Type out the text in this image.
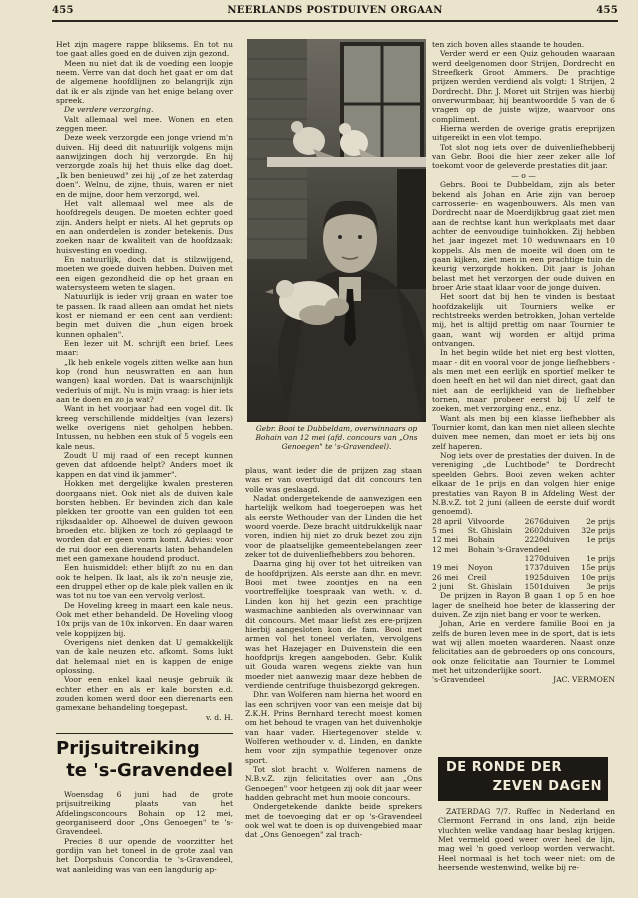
455	NEERLANDS POSTDUIVEN ORGAAN	455

Het zijn magere rappe bliksems. En tot nu toe gaat alles goed en de duiven zijn gezond.

Meen nu niet dat ik de voeding een loopje neem. Verre van dat doch het gaat er om dat de algemene hoofdlijnen zo belangrijk zijn dat ik er als zijnde van het enige belang over spreek.

De verdere verzorging.

Valt allemaal wel mee. Wonen en eten zeggen meer.

Deze week verzorgde een jonge vriend m'n duiven. Hij deed dit natuurlijk volgens mijn aanwijzingen doch hij verzorgde. En hij verzorgde zoals hij het thuis elke dag doet. „Ik ben benieuwd" zei hij „of ze het zaterdag doen". Welnu, de zijne, thuis, waren er niet en de mijne, door hem verzorgd, wel.

Het valt allemaal wel mee als de hoofdregels deugen. De moeten echter goed zijn. Anders helpt er niets. Al het gepruts op en aan onderdelen is zonder betekenis. Dus zoeken naar de kwaliteit van de hoofdzaak: huisvesting en voeding.

En natuurlijk, doch dat is stilzwijgend, moeten we goede duiven hebben. Duiven met een eigen gezondheid die op het graan en watersysteem weten te slagen.

Natuurlijk is ieder vrij graan en water toe te passen. Ik raad alleen aan omdat het niets kost er niemand er een cent aan verdient: begin met duiven die „hun eigen broek kunnen ophalen".

Een lezer uit M. schrijft een brief. Lees maar:

„Ik heb enkele vogels zitten welke aan hun kop (rond hun neuswratten en aan hun wangen) kaal worden. Dat is waarschijnlijk vederluis of mijt. Nu is mijn vraag: is hier iets aan te doen en zo ja wat?

Want in het voorjaar had een vogel dit. Ik kreeg verschillende middeltjes (van lezers) welke overigens niet geholpen hebben. Intussen, nu hebben een stuk of 5 vogels een kale neus.

Zoudt U mij raad of een recept kunnen geven dat afdoende helpt? Anders moet ik kappen en dat vind ik jammer".

Hokken met dergelijke kwalen presteren doorgaans niet. Ook niet als de duiven kale borsten hebben. Er bevinden zich dan kale plekken ter grootte van een gulden tot een rijksdaalder op. Alhoewel de duiven gewoon broeden etc. blijken ze toch zó geplaagd te worden dat er geen vorm komt. Advies: voor de rui door een dierenarts laten behandelen met een gamexane houdend product.

Een huismiddel: ether blijft zo nu en dan ook te helpen. Ik laat, als ik zo'n neusje zie, een druppel ether op de kale plek vallen en ik was tot nu toe van een vervolg verlost.

De Hoveling kreeg in maart een kale neus. Ook met ether behandeld. De Hoveling vloog 10x prijs van de 10x inkorven. En daar waren vele koppijzen bij.

Overigens niet denken dat U gemakkelijk van de kale neuzen etc. afkomt. Soms lukt dat helemaal niet en is kappen de enige oplossing.

Voor een enkel kaal neusje gebruik ik echter ether en als er kale borsten e.d. zouden komen werd door een dierenarts een gamexane behandeling toegepast.

v. d. H.

Prijsuitreiking
te 's-Gravendeel

Woensdag 6 juni had de grote prijsuitreiking plaats van het Afdelingsconcours Bohain op 12 mei, georganiseerd door „Ons Genoegen" te 's-Gravendeel.

Precies 8 uur opende de voorzitter het gordijn van het toneel in de grote zaal van het Dorpshuis Concordia te 's-Gravendeel, wat aanleiding was van een langdurig ap-

Gebr. Booi te Dubbeldam, overwinnaars op Bohain van 12 mei (afd. concours van „Ons Genoegen" te 's-Gravendeel).

plaus, want ieder die de prijzen zag staan was er van overtuigd dat dit concours ten volle was geslaagd.

Nadat ondergetekende de aanwezigen een hartelijk welkom had toegeroepen was het als eerste Wethouder van der Linden die het woord voerde. Deze bracht uitdrukkelijk naar voren, indien hij niet zo druk bezet zou zijn voor de plaatselijke gemeentebelangen zeer zeker tot de duivenliefhebbers zou behoren.

Daarna ging hij over tot het uitreiken van de hoofdprijzen. Als eerste aan dhr. en mevr. Booi met twee zoontjes en na een voortreffelijke toespraak van weth. v. d. Linden kon hij het gezin een prachtige wasmachine aanbieden als overwinnaar van dit concours. Met maar liefst zes ere-prijzen hierbij aangesloten kon de fam. Booi met armen vol het toneel verlaten, vervolgens was het Hazejager en Duivenstein die een hoofdprijs kregen aangeboden. Gebr. Kulik uit Gouda waren wegens ziekte van hun moeder niet aanwezig maar deze hebben de verdiende centrifuge thuisbezorgd gekregen.

Dhr. van Wolferen nam hierna het woord en las een schrijven voor van een meisje dat bij Z.K.H. Prins Bernhard terecht moest komen om het behoud te vragen van het duivenhokje van haar vader. Hiertegenover stelde v. Wolferen wethouder v. d. Linden, en dankte hem voor zijn sympathie tegenover onze sport.

Tot slot bracht v. Wolferen namens de N.B.v.Z. zijn felicitaties over aan „Ons Genoegen" voor hetgeen zij ook dit jaar weer hadden gebracht met hun mooie concours.

Ondergetekende dankte beide sprekers met de toevoeging dat er op 's-Gravendeel ook wel wat te doen is op duivengebied maar dat „Ons Genoegen" zal trach-

ten zich boven alles staande te houden.

Verder werd er een Quiz gehouden waaraan werd deelgenomen door Strijen, Dordrecht en Streefkerk Groot Ammers. De prachtige prijzen werden verdiend als volgt: 1 Strijen, 2 Dordrecht. Dhr. J. Moret uit Strijen was hierbij onverwurmbaar, hij beantwoordde 5 van de 6 vragen op de juiste wijze, waarvoor ons compliment.

Hierna werden de overige gratis ereprijzen uitgereikt in een vlot tempo.

Tot slot nog iets over de duivenliefhebberij van Gebr. Booi die hier zeer zeker alle lof toekomt voor de geleverde prestaties dit jaar.

— o —

Gebrs. Booi te Dubbeldam, zijn als beter bekend als Johan en Arie zijn van beroep carrosserie- en wagenbouwers. Als men van Dordrecht naar de Moerdijkbrug gaat ziet men aan de rechtse kant hun werkplaats met daar achter de eenvoudige tuinhokken. Zij hebben het jaar ingezet met 10 weduwnaars en 10 koppels. Als men de moeite wil doen om te gaan kijken, ziet men in een prachtige tuin de keurig verzorgde hokken. Dit jaar is Johan belast met het verzorgen der oude duiven en broer Arie staat klaar voor de jonge duiven.

Het soort dat bij hen te vinden is bestaat hoofdzakelijk uit Tourniers welke er rechtstreeks werden betrokken, Johan vertelde mij, het is altijd prettig om naar Tournier te gaan, want wij worden er altijd prima ontvangen.

In het begin wilde het niet erg best vlotten, maar - dit en vooral voor de jonge liefhebbers - als men met een eerlijk en sportief melker te doen heeft en het wil dan niet direct, gaat dan niet aan de eerlijkheid van de liefhebber tornen, maar probeer eerst bij U zelf te zoeken, met verzorging enz., enz.

Want als men bij een klasse liefhebber als Tournier komt, dan kan men niet alleen slechte duiven mee nemen, dan moet er iets bij ons zelf haperen.

Nog iets over de prestaties der duiven. In de vereniging „de Luchtbode" te Dordrecht speelden Gebrs. Booi zeven weken achter elkaar de 1e prijs en dan volgen hier enige prestaties van Rayon B in Afdeling West der N.B.v.Z. tot 2 juni (alleen de eerste duif wordt genoemd).

28 april	Vilvoorde	2676	duiven	2e prijs
5 mei	St. Ghislain	2602	duiven	32e prijs
12 mei	Bohain	2220	duiven	1e prijs
12 mei	Bohain 's-Gravendeel			
		1270	duiven	1e prijs
19 mei	Noyon	1737	duiven	15e prijs
26 mei	Creil	1925	duiven	10e prijs
2 juni	St. Ghislain	1501	duiven	3e prijs

De prijzen in Rayon B gaan 1 op 5 en hoe lager de snelheid hoe beter de klassering der duiven. Ze zijn niet bang er voor te werken.

Johan, Arie en verdere familie Booi en ja zelfs de buren leven mee in de sport, dat is iets wat wij allen moeten waarderen. Naast onze felicitaties aan de gebroeders op ons concours, ook onze felicitatie aan Tournier te Lommel met het uitzonderlijke soort.

's-Gravendeel	JAC. VERMOEN
DE RONDE DER
ZEVEN DAGEN

ZATERDAG 7/7. Ruffec in Nederland en Clermont Ferrand in ons land, zijn beide vluchten welke vandaag haar beslag krijgen. Met vermeld goed weer over heel de lijn, mag wel 'n goed verloop worden verwacht. Heel normaal is het toch weer niet: om de heersende westenwind, welke bij re-
